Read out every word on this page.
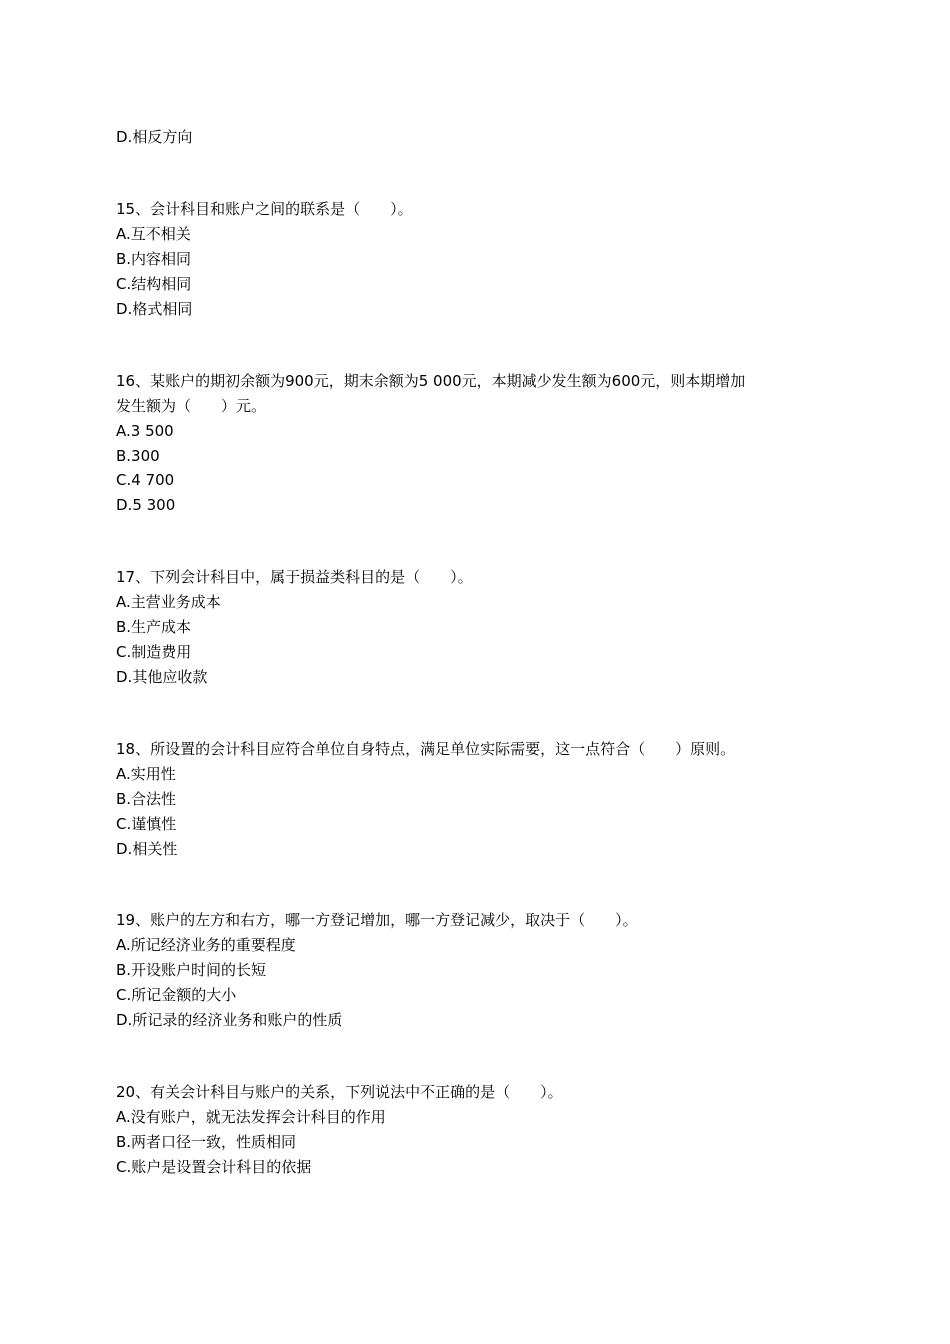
D.相反方向
15、会计科目和账户之间的联系是（　　）。
A.互不相关
B.内容相同
C.结构相同
D.格式相同
16、某账户的期初余额为900元，期末余额为5 000元，本期减少发生额为600元，则本期增加
发生额为（　　）元。
A.3 500
B.300
C.4 700
D.5 300
17、下列会计科目中，属于损益类科目的是（　　）。
A.主营业务成本
B.生产成本
C.制造费用
D.其他应收款
18、所设置的会计科目应符合单位自身特点，满足单位实际需要，这一点符合（　　）原则。
A.实用性
B.合法性
C.谨慎性
D.相关性
19、账户的左方和右方，哪一方登记增加，哪一方登记减少，取决于（　　）。
A.所记经济业务的重要程度
B.开设账户时间的长短
C.所记金额的大小
D.所记录的经济业务和账户的性质
20、有关会计科目与账户的关系，下列说法中不正确的是（　　）。
A.没有账户，就无法发挥会计科目的作用
B.两者口径一致，性质相同
C.账户是设置会计科目的依据
